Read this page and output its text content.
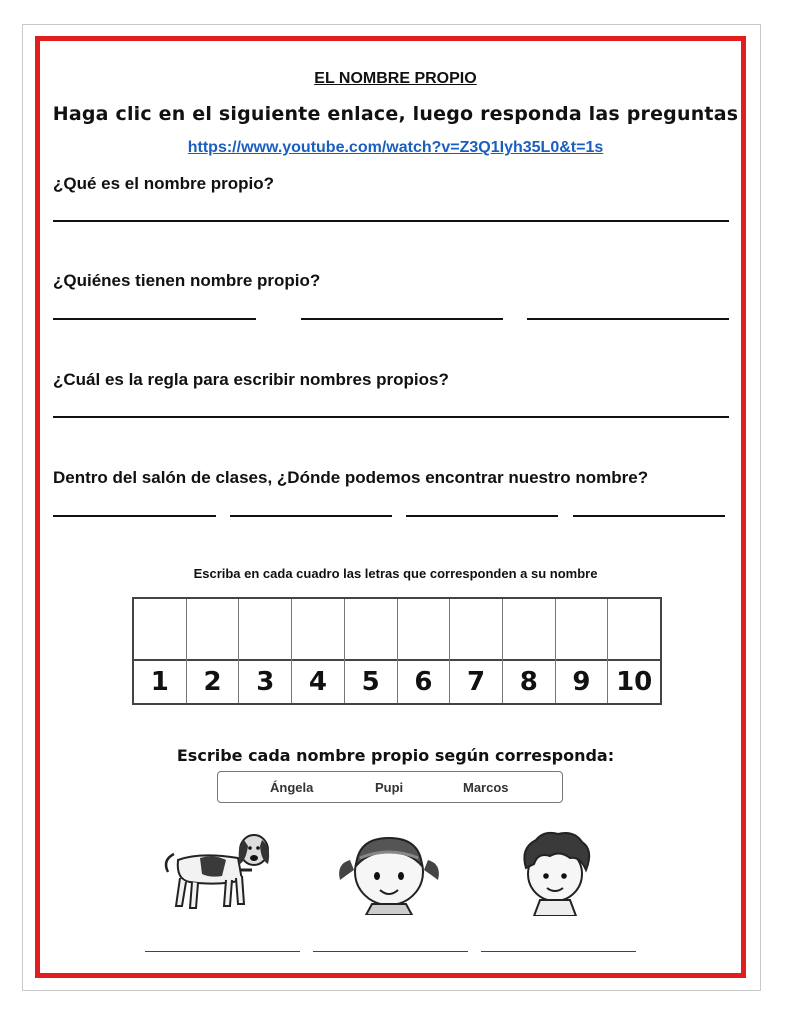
EL NOMBRE PROPIO
Haga clic en el siguiente enlace, luego responda las preguntas
https://www.youtube.com/watch?v=Z3Q1Iyh35L0&t=1s
¿Qué es el nombre propio?
¿Quiénes tienen nombre propio?
¿Cuál es la regla para escribir nombres propios?
Dentro del salón de clases, ¿Dónde podemos encontrar nuestro nombre?
Escriba en cada cuadro las letras que corresponden a su nombre
1	2	3	4	5	6	7	8	9 10
Escribe cada nombre propio según corresponda:
Ángela	Pupi	Marcos
